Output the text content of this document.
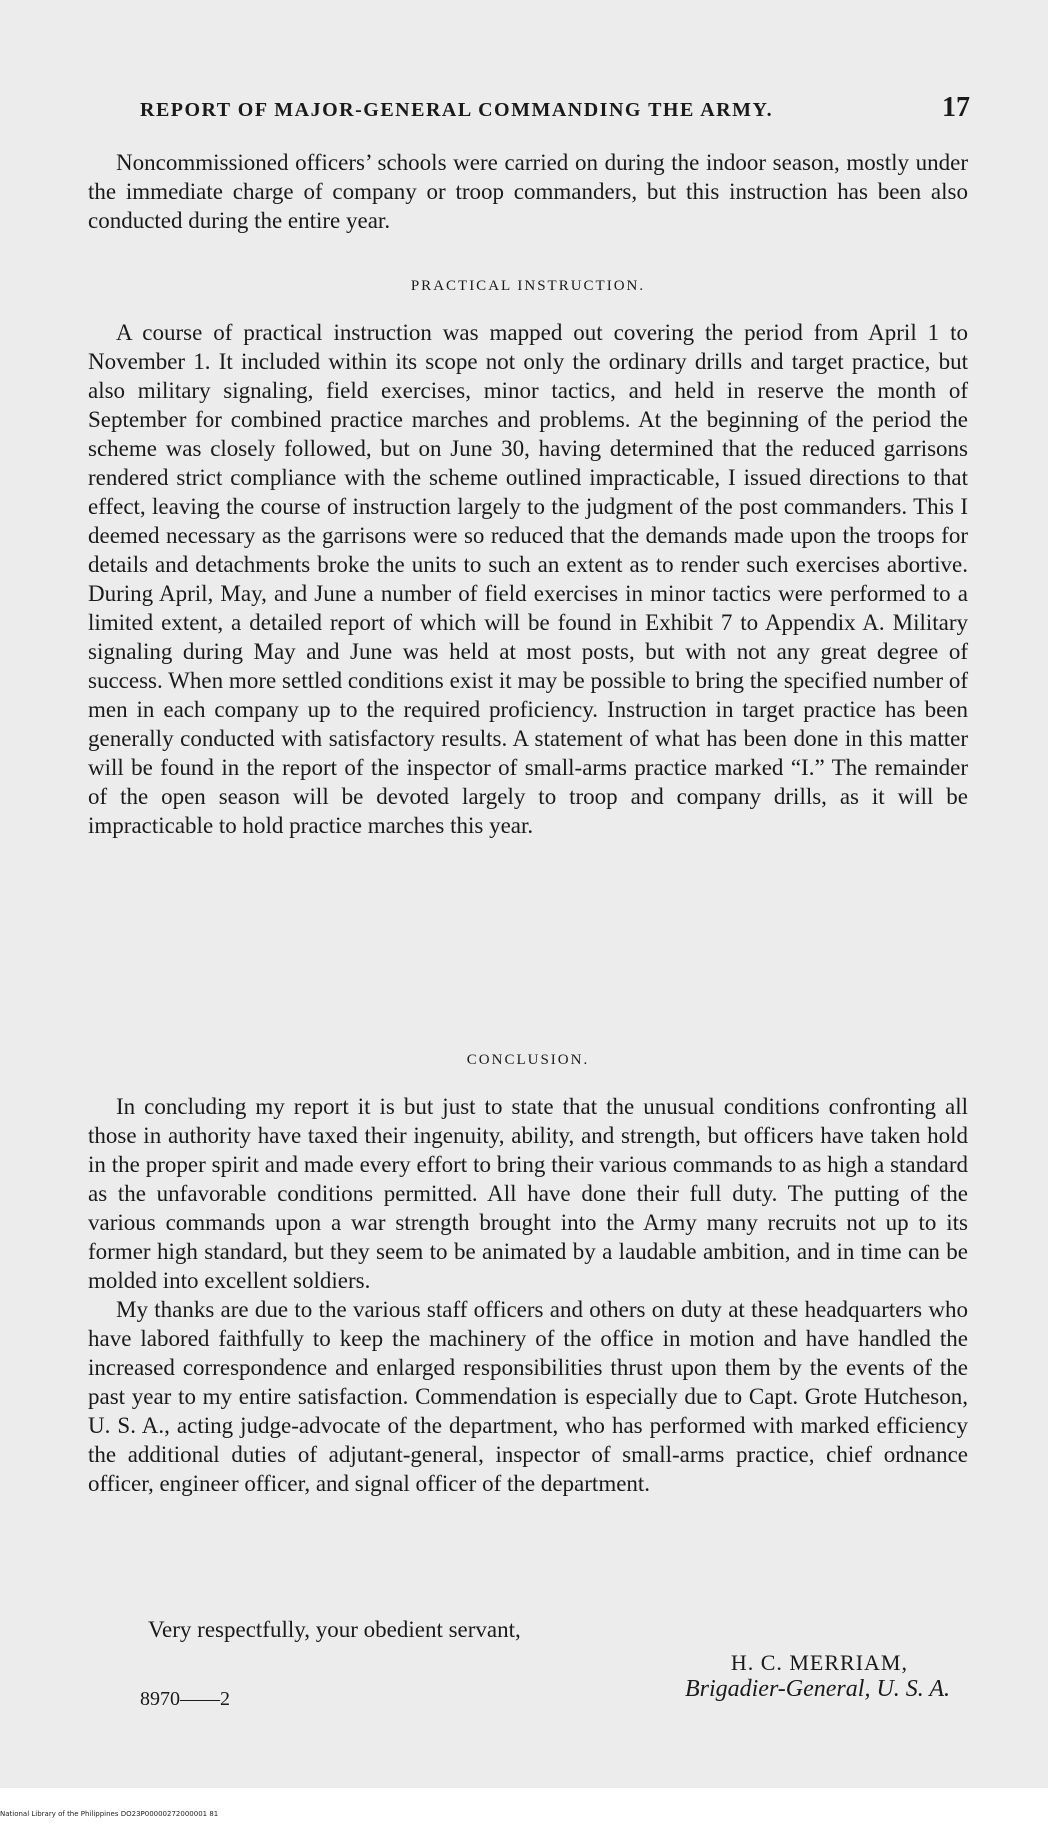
REPORT OF MAJOR-GENERAL COMMANDING THE ARMY.	17

Noncommissioned officers’ schools were carried on during the indoor season, mostly under the immediate charge of company or troop commanders, but this instruction has been also conducted during the entire year.

PRACTICAL INSTRUCTION.

A course of practical instruction was mapped out covering the period from April 1 to November 1. It included within its scope not only the ordinary drills and target practice, but also military signaling, field exercises, minor tactics, and held in reserve the month of September for combined practice marches and problems. At the beginning of the period the scheme was closely followed, but on June 30, having determined that the reduced garrisons rendered strict compliance with the scheme outlined impracticable, I issued directions to that effect, leaving the course of instruction largely to the judgment of the post commanders. This I deemed necessary as the garrisons were so reduced that the demands made upon the troops for details and detachments broke the units to such an extent as to render such exercises abortive. During April, May, and June a number of field exercises in minor tactics were performed to a limited extent, a detailed report of which will be found in Exhibit 7 to Appendix A. Military signaling during May and June was held at most posts, but with not any great degree of success. When more settled conditions exist it may be possible to bring the specified number of men in each company up to the required proficiency. Instruction in target practice has been generally conducted with satisfactory results. A statement of what has been done in this matter will be found in the report of the inspector of small-arms practice marked “I.” The remainder of the open season will be devoted largely to troop and company drills, as it will be impracticable to hold practice marches this year.

CONCLUSION.

In concluding my report it is but just to state that the unusual conditions confronting all those in authority have taxed their ingenuity, ability, and strength, but officers have taken hold in the proper spirit and made every effort to bring their various commands to as high a standard as the unfavorable conditions permitted. All have done their full duty. The putting of the various commands upon a war strength brought into the Army many recruits not up to its former high standard, but they seem to be animated by a laudable ambition, and in time can be molded into excellent soldiers.

My thanks are due to the various staff officers and others on duty at these headquarters who have labored faithfully to keep the machinery of the office in motion and have handled the increased correspondence and enlarged responsibilities thrust upon them by the events of the past year to my entire satisfaction. Commendation is especially due to Capt. Grote Hutcheson, U. S. A., acting judge-advocate of the department, who has performed with marked efficiency the additional duties of adjutant-general, inspector of small-arms practice, chief ordnance officer, engineer officer, and signal officer of the department.

Very respectfully, your obedient servant,
H. C. MERRIAM,
Brigadier-General, U. S. A.
8970——2
National Library of the Philippines DO23P00000272000001 81
